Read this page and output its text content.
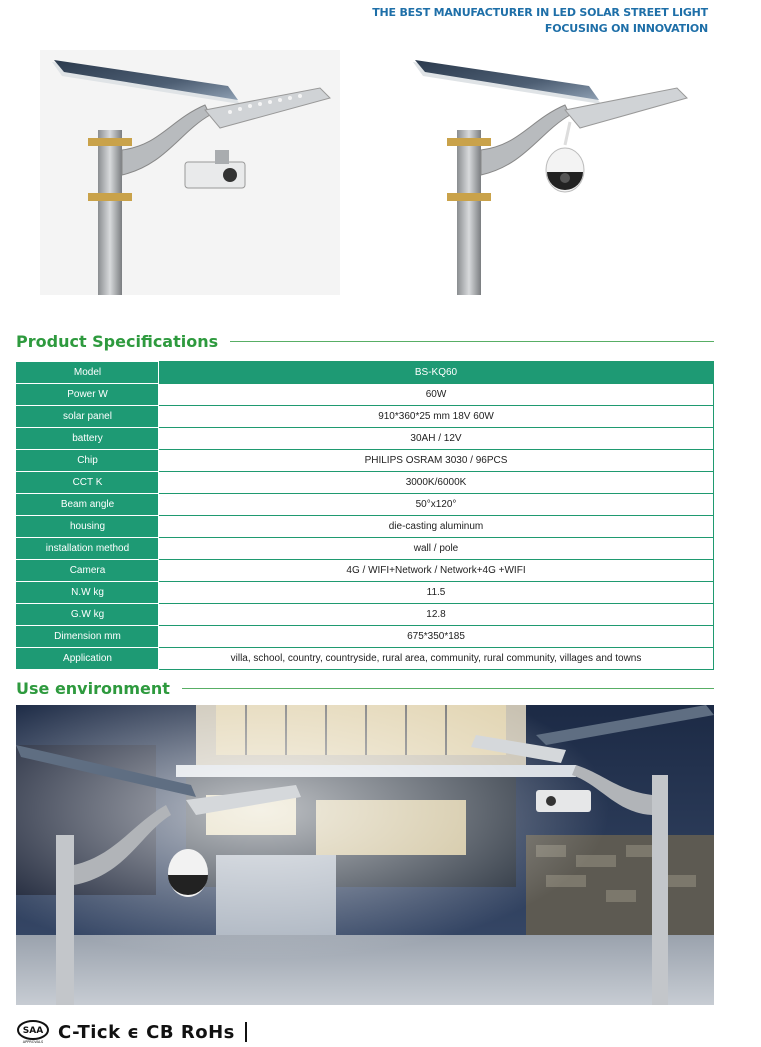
THE BEST MANUFACTURER IN LED SOLAR STREET LIGHT
FOCUSING ON INNOVATION
Product Specifications
Model	BS-KQ60
Power W	60W
solar panel	910*360*25 mm 18V 60W
battery	30AH / 12V
Chip	PHILIPS OSRAM 3030 / 96PCS
CCT K	3000K/6000K
Beam angle	50°x120°
housing	die-casting aluminum
installation method	wall / pole
Camera	4G / WIFI+Network / Network+4G +WIFI
N.W kg	11.5
G.W kg	12.8
Dimension mm	675*350*185
Application	villa, school, country, countryside, rural area, community, rural community, villages and towns
Use environment
SAA
APPROVALS C-Tick ϵ CB RoHs
